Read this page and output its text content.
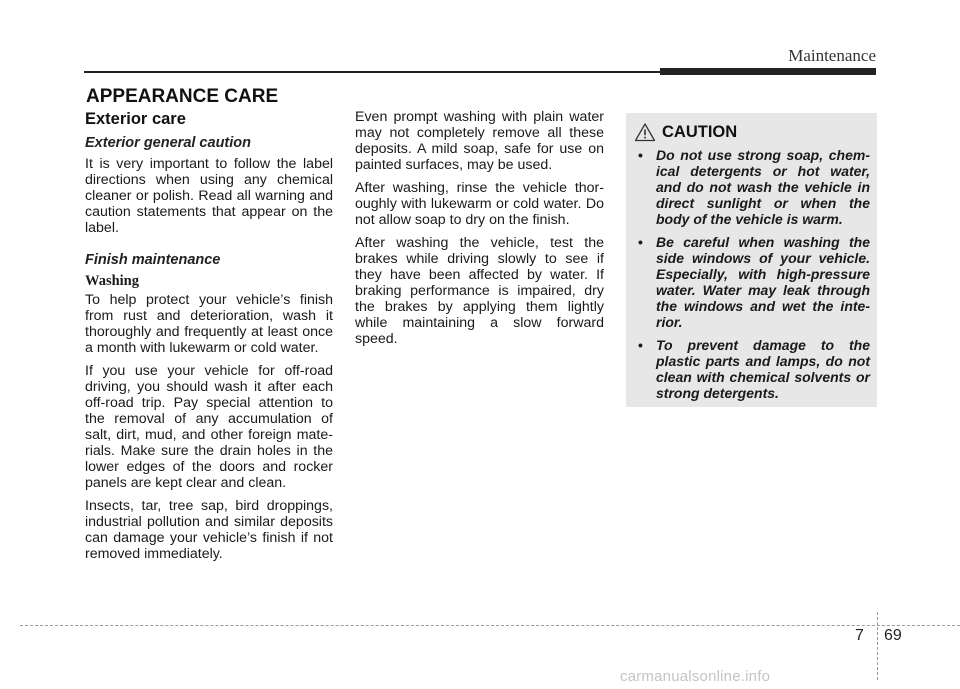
Maintenance
APPEARANCE CARE
Exterior care
Exterior general caution

It is very important to follow the label directions when using any chemical cleaner or polish. Read all warning and caution statements that appear on the label.

Finish maintenance
Washing

To help protect your vehicle’s finish from rust and deterioration, wash it thoroughly and frequently at least once a month with lukewarm or cold water.

If you use your vehicle for off-road driving, you should wash it after each off-road trip. Pay special attention to the removal of any accumulation of salt, dirt, mud, and other foreign materials. Make sure the drain holes in the lower edges of the doors and rocker panels are kept clear and clean.

Insects, tar, tree sap, bird droppings, industrial pollution and similar deposits can damage your vehicle’s finish if not removed immediately.

Even prompt washing with plain water may not completely remove all these deposits. A mild soap, safe for use on painted surfaces, may be used.

After washing, rinse the vehicle thoroughly with lukewarm or cold water. Do not allow soap to dry on the finish.

After washing the vehicle, test the brakes while driving slowly to see if they have been affected by water. If braking performance is impaired, dry the brakes by applying them lightly while maintaining a slow forward speed.

CAUTION
• Do not use strong soap, chemical detergents or hot water, and do not wash the vehicle in direct sunlight or when the body of the vehicle is warm.
• Be careful when washing the side windows of your vehicle. Especially, with high-pressure water. Water may leak through the windows and wet the interior.
• To prevent damage to the plastic parts and lamps, do not clean with chemical solvents or strong detergents.
7 69
carmanualsonline.info
